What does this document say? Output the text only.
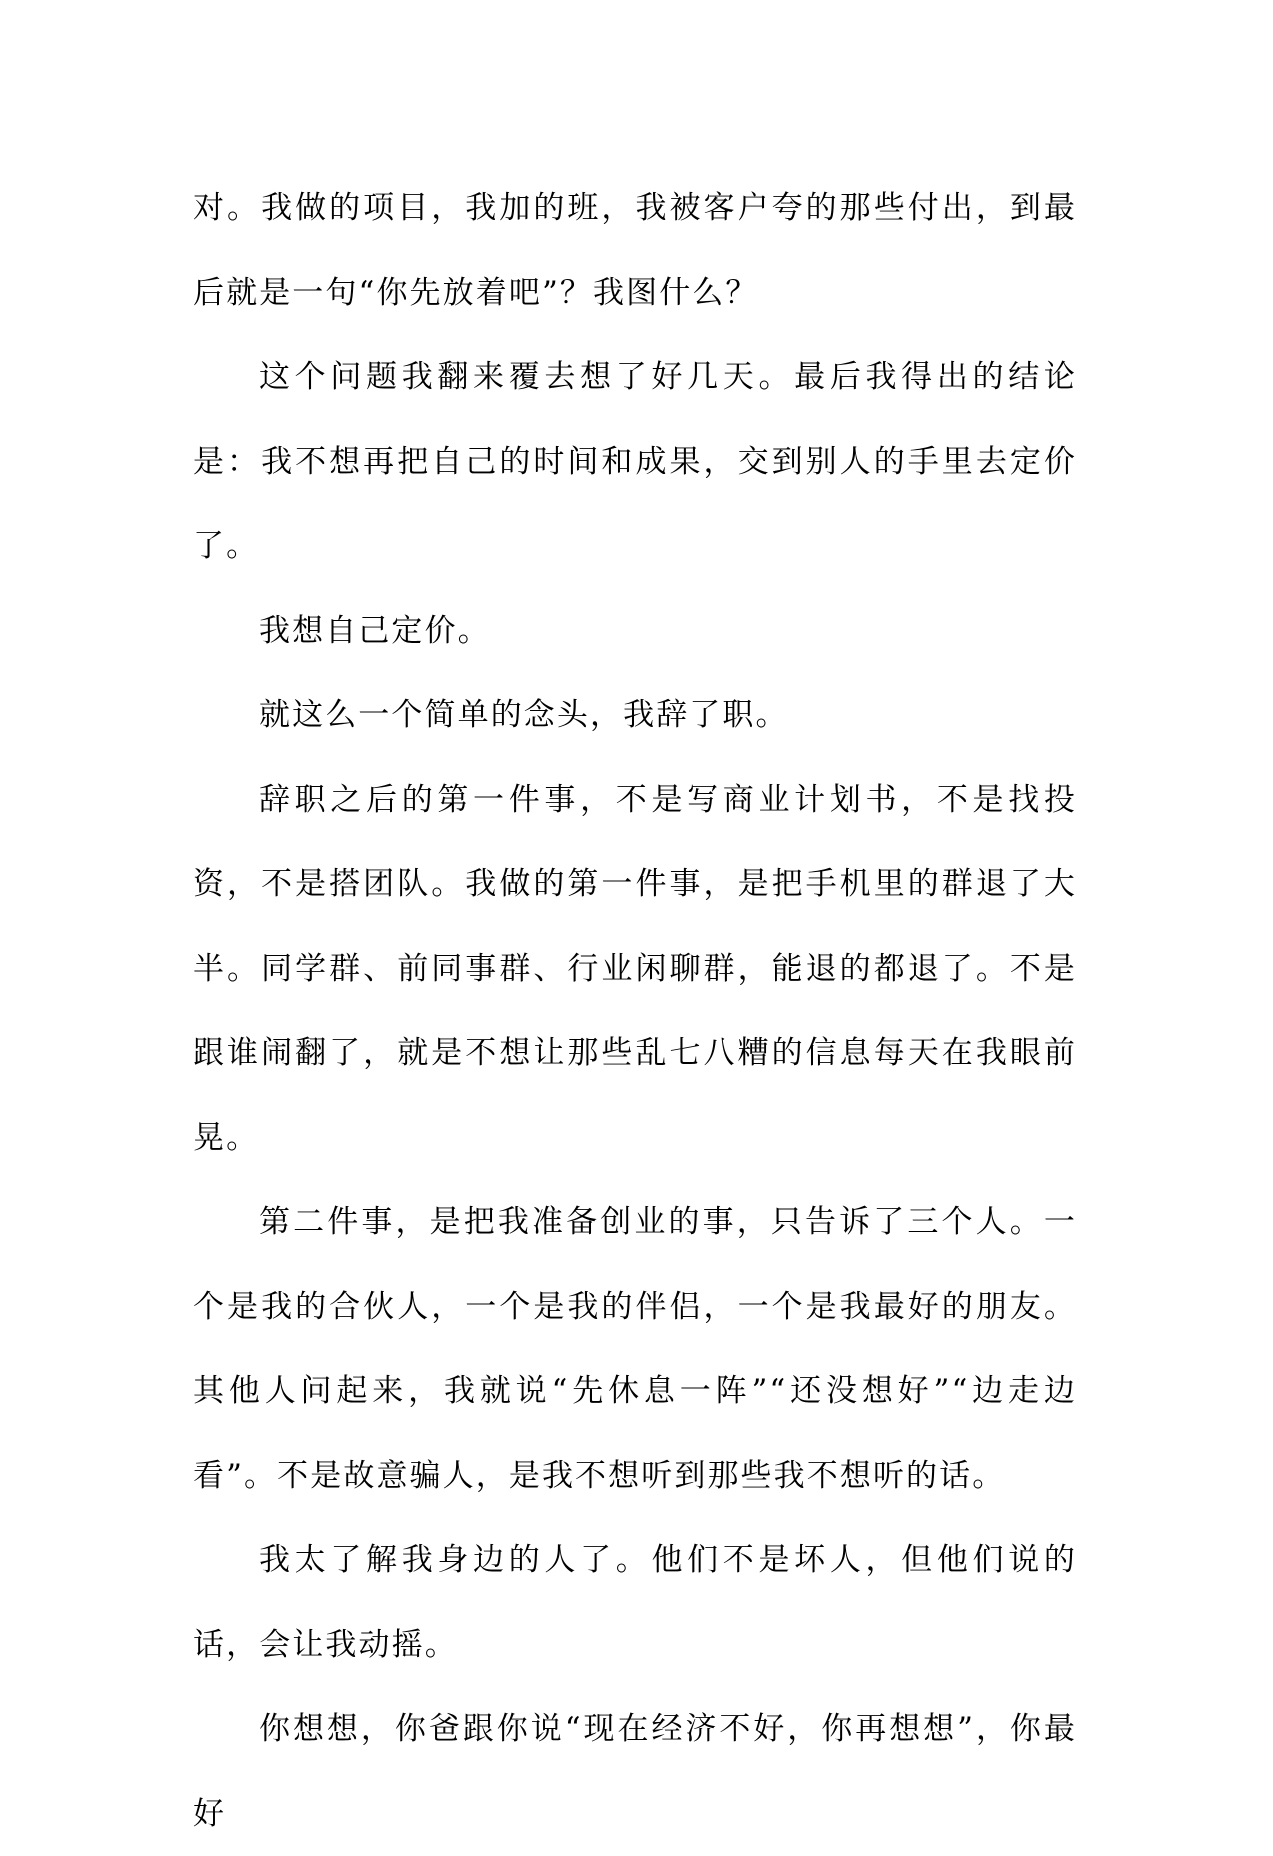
对。我做的项目，我加的班，我被客户夸的那些付出，到最后就是一句“你先放着吧”？我图什么？

这个问题我翻来覆去想了好几天。最后我得出的结论是：我不想再把自己的时间和成果，交到别人的手里去定价了。

我想自己定价。

就这么一个简单的念头，我辞了职。

辞职之后的第一件事，不是写商业计划书，不是找投资，不是搭团队。我做的第一件事，是把手机里的群退了大半。同学群、前同事群、行业闲聊群，能退的都退了。不是跟谁闹翻了，就是不想让那些乱七八糟的信息每天在我眼前晃。

第二件事，是把我准备创业的事，只告诉了三个人。一个是我的合伙人，一个是我的伴侣，一个是我最好的朋友。其他人问起来，我就说“先休息一阵”“还没想好”“边走边看”。不是故意骗人，是我不想听到那些我不想听的话。

我太了解我身边的人了。他们不是坏人，但他们说的话，会让我动摇。

你想想，你爸跟你说“现在经济不好，你再想想”，你最好
